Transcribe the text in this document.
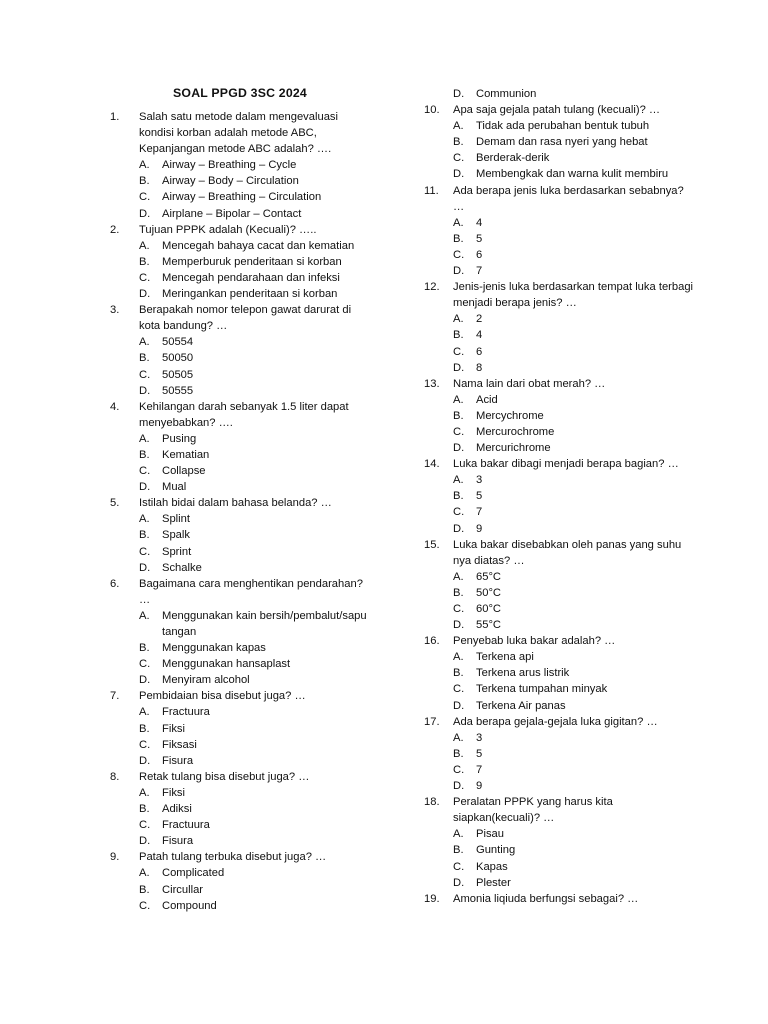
SOAL PPGD 3SC 2024
1.	Salah satu metode dalam mengevaluasi kondisi korban adalah metode ABC, Kepanjangan metode ABC adalah? ….
A.	Airway – Breathing – Cycle
B.	Airway – Body – Circulation
C.	Airway – Breathing – Circulation
D.	Airplane – Bipolar – Contact
2.	Tujuan PPPK adalah (Kecuali)? …..
A.	Mencegah bahaya cacat dan kematian
B.	Memperburuk penderitaan si korban
C.	Mencegah pendarahaan dan infeksi
D.	Meringankan penderitaan si korban
3.	Berapakah nomor telepon gawat darurat di kota bandung? …
A.	50554
B.	50050
C.	50505
D.	50555
4.	Kehilangan darah sebanyak 1.5 liter dapat menyebabkan? ….
A.	Pusing
B.	Kematian
C.	Collapse
D.	Mual
5.	Istilah bidai dalam bahasa belanda? …
A.	Splint
B.	Spalk
C.	Sprint
D.	Schalke
6.	Bagaimana cara menghentikan pendarahan? …
A.	Menggunakan kain bersih/pembalut/sapu tangan
B.	Menggunakan kapas
C.	Menggunakan hansaplast
D.	Menyiram alcohol
7.	Pembidaian bisa disebut juga? …
A.	Fractuura
B.	Fiksi
C.	Fiksasi
D.	Fisura
8.	Retak tulang bisa disebut juga? …
A.	Fiksi
B.	Adiksi
C.	Fractuura
D.	Fisura
9.	Patah tulang terbuka disebut juga? …
A.	Complicated
B.	Circullar
C.	Compound
D.	Communion
10.	Apa saja gejala patah tulang (kecuali)? …
A.	Tidak ada perubahan bentuk tubuh
B.	Demam dan rasa nyeri yang hebat
C.	Berderak-derik
D.	Membengkak dan warna kulit membiru
11.	Ada berapa jenis luka berdasarkan sebabnya? …
A.	4
B.	5
C.	6
D.	7
12.	Jenis-jenis luka berdasarkan tempat luka terbagi menjadi berapa jenis? …
A.	2
B.	4
C.	6
D.	8
13.	Nama lain dari obat merah? …
A.	Acid
B.	Mercychrome
C.	Mercurochrome
D.	Mercurichrome
14.	Luka bakar dibagi menjadi berapa bagian? …
A.	3
B.	5
C.	7
D.	9
15.	Luka bakar disebabkan oleh panas yang suhu nya diatas? …
A.	65°C
B.	50°C
C.	60°C
D.	55°C
16.	Penyebab luka bakar adalah? …
A.	Terkena api
B.	Terkena arus listrik
C.	Terkena tumpahan minyak
D.	Terkena Air panas
17.	Ada berapa gejala-gejala luka gigitan? …
A.	3
B.	5
C.	7
D.	9
18.	Peralatan PPPK yang harus kita siapkan(kecuali)? …
A.	Pisau
B.	Gunting
C.	Kapas
D.	Plester
19.	Amonia liqiuda berfungsi sebagai? …
